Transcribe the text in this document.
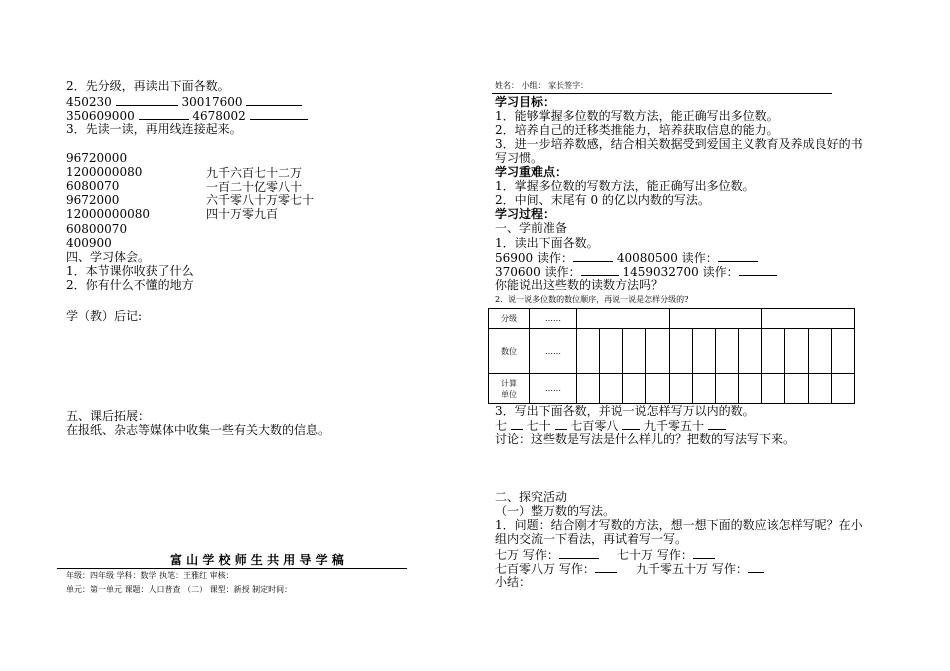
2．先分级，再读出下面各数。
450230	30017600
350609000	4678002
3．先读一读，再用线连接起来。
96720000
1200000080
6080070
9672000
12000000080
60800070
400900
九千六百七十二万
一百二十亿零八十
六千零八十万零七十
四十万零九百
四、学习体会。
1．本节课你收获了什么
2．你有什么不懂的地方
学（教）后记:
五、课后拓展：
在报纸、杂志等媒体中收集一些有关大数的信息。
富 山 学 校 师 生 共 用 导 学 稿
年级：四年级 学科：数学 执笔：王雅红 审核：
单元：第一单元 课题：人口普查 （二） 课型：新授 制定时间：
姓名： 小组： 家长签字：
学习目标：
1．能够掌握多位数的写数方法，能正确写出多位数。
2．培养自己的迁移类推能力，培养获取信息的能力。
3．进一步培养数感，结合相关数据受到爱国主义教育及养成良好的书
写习惯。
学习重难点：
1．掌握多位数的写数方法，能正确写出多位数。
2．中间、末尾有 0 的亿以内数的写法。
学习过程：
一、学前准备
1．读出下面各数。
56900 读作：	40080500 读作：
370600 读作：	1459032700 读作：
你能说出这些数的读数方法吗？
2．说一说多位数的数位顺序，再说一说是怎样分级的?
分级	……												
数位	……												
计算
单位	……												
3．写出下面各数，并说一说怎样写万以内的数。
七 七十 七百零八 九千零五十
讨论：这些数是写法是什么样儿的？把数的写法写下来。
二、探究活动
（一）整万数的写法。
1．问题：结合刚才写数的方法，想一想下面的数应该怎样写呢？在小
组内交流一下看法，再试着写一写。
七万 写作：	七十万 写作：
七百零八万 写作：	九千零五十万 写作：
小结：
